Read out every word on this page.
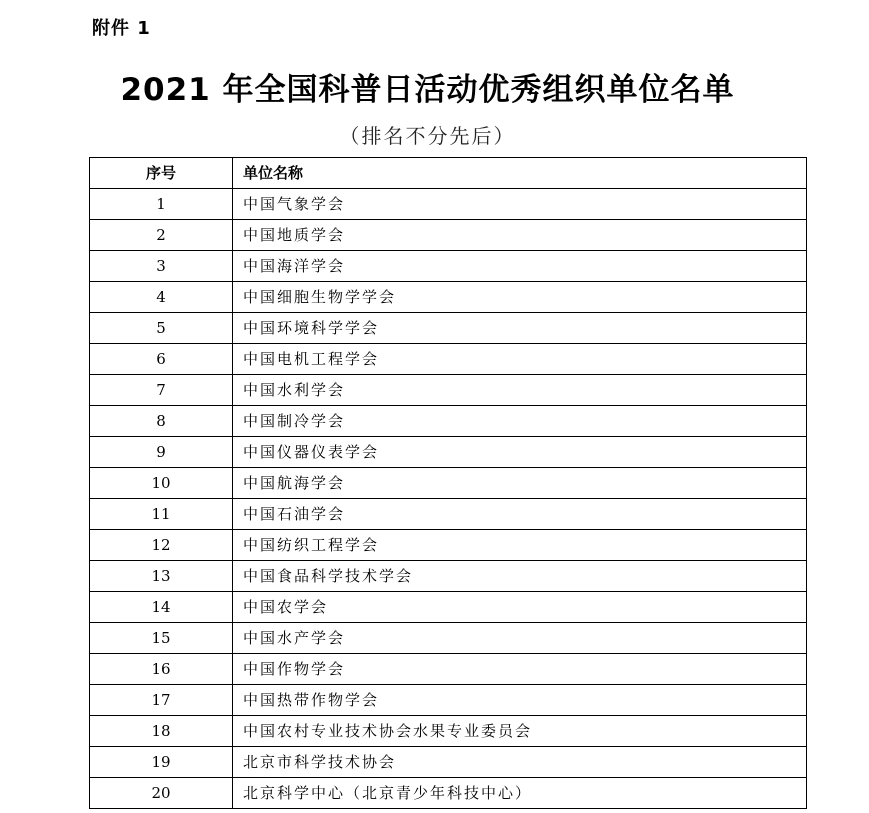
附件 1
2021 年全国科普日活动优秀组织单位名单
（排名不分先后）
序号	单位名称
1	中国气象学会
2	中国地质学会
3	中国海洋学会
4	中国细胞生物学学会
5	中国环境科学学会
6	中国电机工程学会
7	中国水利学会
8	中国制冷学会
9	中国仪器仪表学会
10	中国航海学会
11	中国石油学会
12	中国纺织工程学会
13	中国食品科学技术学会
14	中国农学会
15	中国水产学会
16	中国作物学会
17	中国热带作物学会
18	中国农村专业技术协会水果专业委员会
19	北京市科学技术协会
20	北京科学中心（北京青少年科技中心）
